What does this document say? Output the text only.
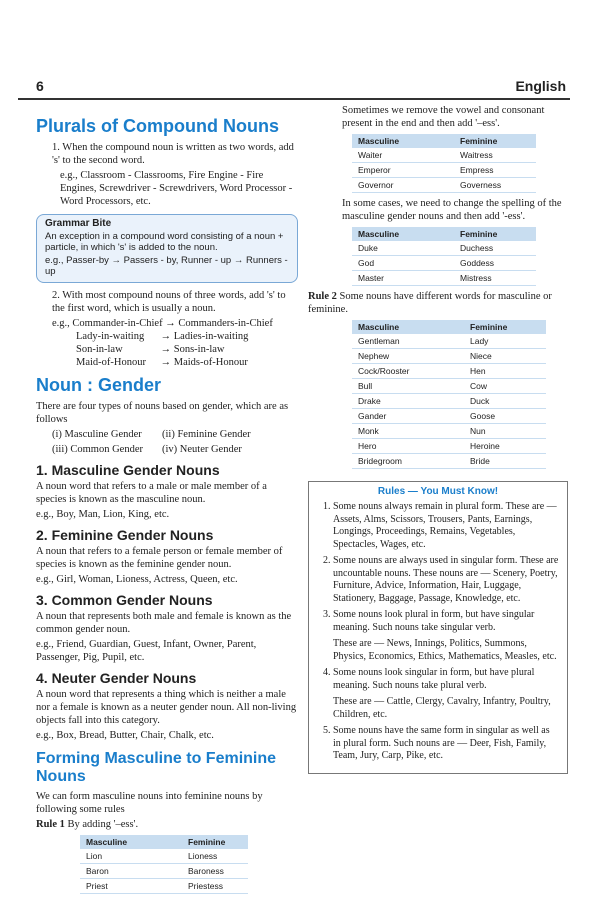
6	English
Plurals of Compound Nouns

1. When the compound noun is written as two words, add 's' to the second word.

e.g., Classroom - Classrooms, Fire Engine - Fire Engines, Screwdriver - Screwdrivers, Word Processor - Word Processors, etc.

Grammar Bite

An exception in a compound word consisting of a noun + particle, in which 's' is added to the noun.

e.g., Passer-by → Passers - by, Runner - up → Runners - up

2. With most compound nouns of three words, add 's' to the first word, which is usually a noun.

e.g., Commander-in-Chief → Commanders-in-Chief
Lady-in-waiting → Ladies-in-waiting
Son-in-law	→ Sons-in-law
Maid-of-Honour → Maids-of-Honour
Noun : Gender

There are four types of nouns based on gender, which are as follows

(i) Masculine Gender (ii) Feminine Gender

(iii) Common Gender (iv) Neuter Gender

1. Masculine Gender Nouns

A noun word that refers to a male or male member of a species is known as the masculine noun.

e.g., Boy, Man, Lion, King, etc.

2. Feminine Gender Nouns

A noun that refers to a female person or female member of species is known as the feminine gender noun.

e.g., Girl, Woman, Lioness, Actress, Queen, etc.

3. Common Gender Nouns

A noun that represents both male and female is known as the common gender noun.

e.g., Friend, Guardian, Guest, Infant, Owner, Parent, Passenger, Pig, Pupil, etc.

4. Neuter Gender Nouns

A noun word that represents a thing which is neither a male nor a female is known as a neuter gender noun. All non-living objects fall into this category.

e.g., Box, Bread, Butter, Chair, Chalk, etc.

Forming Masculine to Feminine Nouns

We can form masculine nouns into feminine nouns by following some rules

Rule 1 By adding '–ess'.

Masculine	Feminine
Lion	Lioness
Baron	Baroness
Priest	Priestess

Sometimes we remove the vowel and consonant present in the end and then add '–ess'.

Masculine	Feminine
Waiter	Waitress
Emperor	Empress
Governor	Governess

In some cases, we need to change the spelling of the masculine gender nouns and then add '-ess'.

Masculine	Feminine
Duke	Duchess
God	Goddess
Master	Mistress

Rule 2 Some nouns have different words for masculine or feminine.

Masculine	Feminine
Gentleman	Lady
Nephew	Niece
Cock/Rooster	Hen
Bull	Cow
Drake	Duck
Gander	Goose
Monk	Nun
Hero	Heroine
Bridegroom	Bride
Rules — You Must Know!
1. Some nouns always remain in plural form. These are — Assets, Alms, Scissors, Trousers, Pants, Earnings, Longings, Proceedings, Remains, Vegetables, Spectacles, Wages, etc.
2. Some nouns are always used in singular form. These are uncountable nouns. These nouns are — Scenery, Poetry, Furniture, Advice, Information, Hair, Luggage, Stationery, Baggage, Passage, Knowledge, etc.
3. Some nouns look plural in form, but have singular meaning. Such nouns take singular verb.
These are — News, Innings, Politics, Summons, Physics, Economics, Ethics, Mathematics, Measles, etc.
4. Some nouns look singular in form, but have plural meaning. Such nouns take plural verb.
These are — Cattle, Clergy, Cavalry, Infantry, Poultry, Children, etc.
5. Some nouns have the same form in singular as well as in plural form. Such nouns are — Deer, Fish, Family, Team, Jury, Carp, Pike, etc.
